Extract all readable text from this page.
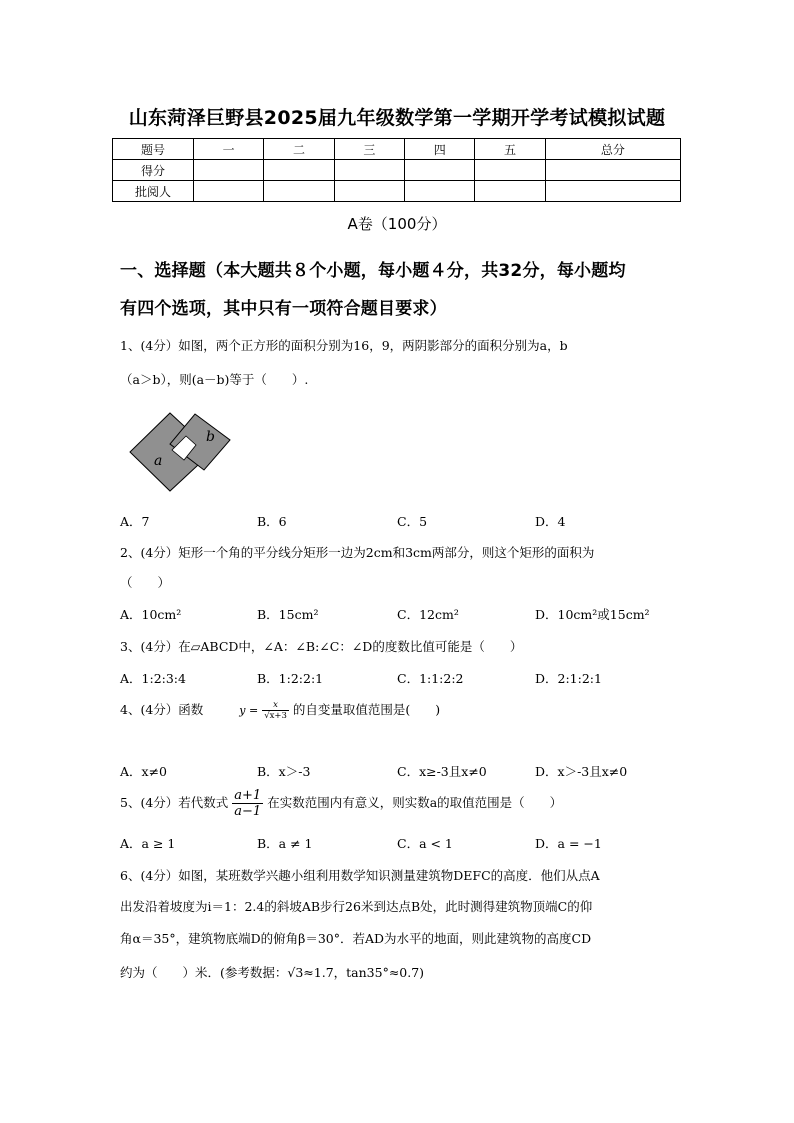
山东菏泽巨野县2025届九年级数学第一学期开学考试模拟试题
题号	一	二	三	四	五	总分
得分						
批阅人						
A卷（100分）
一、选择题（本大题共８个小题，每小题４分，共32分，每小题均
有四个选项，其中只有一项符合题目要求）
1、(4分）如图，两个正方形的面积分别为16，9，两阴影部分的面积分别为a，b
（a＞b），则(a－b)等于（　　）.
a
b
A．7	B．6	C．5	D．4
2、(4分）矩形一个角的平分线分矩形一边为2cm和3cm两部分，则这个矩形的面积为
（　　）
A．10cm²	B．15cm²	C．12cm²	D．10cm²或15cm²
3、(4分）在▱ABCD中，∠A：∠B:∠C：∠D的度数比值可能是（　　）
A．1:2:3:4	B．1:2:2:1	C．1:1:2:2	D．2:1:2:1
4、(4分）函数	$y = \frac{x}{√x+3}$ 的自变量取值范围是(　　)
A．x≠0	B．x＞-3	C．x≥-3且x≠0	D．x＞-3且x≠0
5、(4分）若代数式 $\frac{a+1}{a-1}$ 在实数范围内有意义，则实数a的取值范围是（　　）
A．a ≥ 1	B．a ≠ 1	C．a < 1	D．a = −1
6、(4分）如图，某班数学兴趣小组利用数学知识测量建筑物DEFC的高度．他们从点A
出发沿着坡度为i＝1：2.4的斜坡AB步行26米到达点B处，此时测得建筑物顶端C的仰
角α＝35°，建筑物底端D的俯角β＝30°．若AD为水平的地面，则此建筑物的高度CD
约为（　　）米．(参考数据：√3≈1.7，tan35°≈0.7)
